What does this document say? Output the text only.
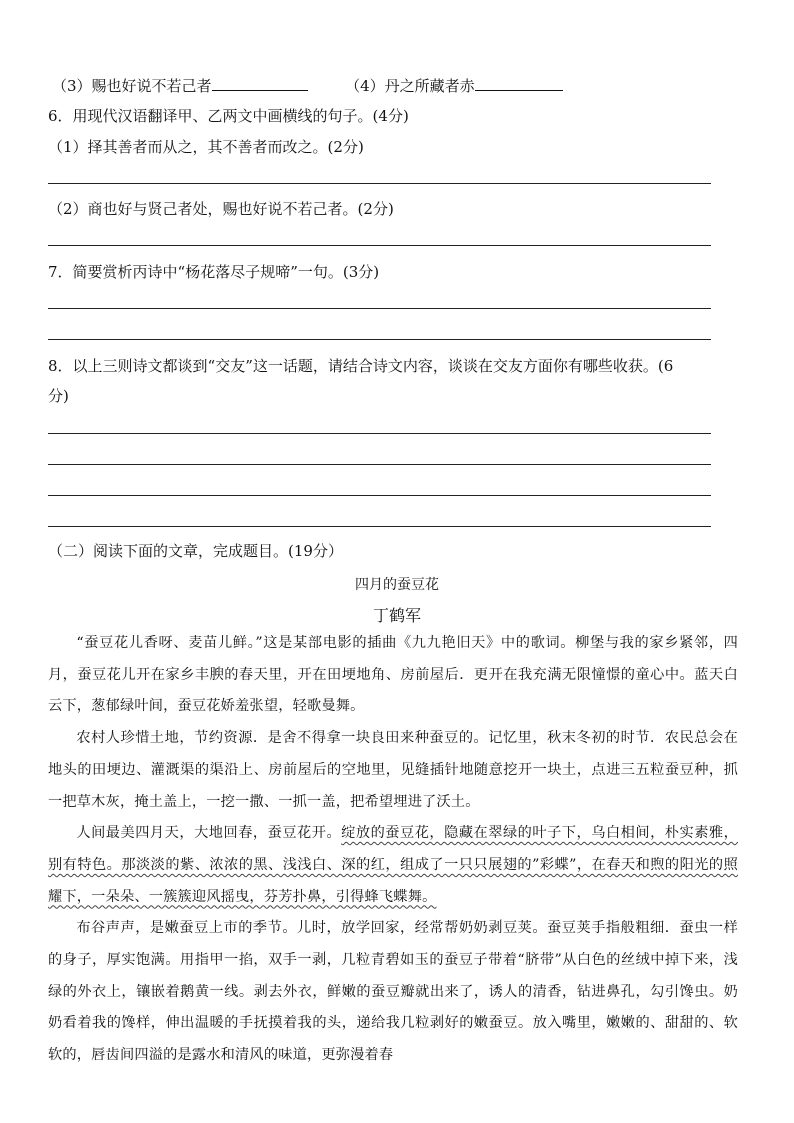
（3）赐也好说不若己者	（4）丹之所藏者赤
6．用现代汉语翻译甲、乙两文中画横线的句子。(4分)
（1）择其善者而从之，其不善者而改之。(2分)
（2）商也好与贤己者处，赐也好说不若己者。(2分)
7．简要赏析丙诗中“杨花落尽子规啼”一句。(3分)
8．以上三则诗文都谈到“交友”这一话题，请结合诗文内容，谈谈在交友方面你有哪些收获。(6
分)
（二）阅读下面的文章，完成题目。(19分）
四月的蚕豆花
丁鹤军

“蚕豆花儿香呀、麦苗儿鲜。”这是某部电影的插曲《九九艳旧天》中的歌词。柳堡与我的家乡紧邻，四月，蚕豆花儿开在家乡丰腴的春天里，开在田埂地角、房前屋后．更开在我充满无限憧憬的童心中。蓝天白云下，葱郁绿叶间，蚕豆花娇羞张望，轻歌曼舞。

农村人珍惜土地，节约资源．是舍不得拿一块良田来种蚕豆的。记忆里，秋末冬初的时节．农民总会在地头的田埂边、灌溉渠的渠沿上、房前屋后的空地里，见缝插针地随意挖开一块土，点进三五粒蚕豆种，抓一把草木灰，掩土盖上，一挖一撒、一抓一盖，把希望埋进了沃土。

人间最美四月天，大地回春，蚕豆花开。绽放的蚕豆花，隐藏在翠绿的叶子下，乌白相间，朴实素雅，别有特色。那淡淡的紫、浓浓的黑、浅浅白、深的红，组成了一只只展翅的”彩蝶”，在春天和煦的阳光的照耀下，一朵朵、一簇簇迎风摇曳，芬芳扑鼻，引得蜂飞蝶舞。

布谷声声，是嫩蚕豆上市的季节。儿时，放学回家，经常帮奶奶剥豆荚。蚕豆荚手指般粗细．蚕虫一样的身子，厚实饱满。用指甲一掐，双手一剥，几粒青碧如玉的蚕豆子带着“脐带”从白色的丝绒中掉下来，浅绿的外衣上，镶嵌着鹅黄一线。剥去外衣，鲜嫩的蚕豆瓣就出来了，诱人的清香，钻进鼻孔，勾引馋虫。奶奶看着我的馋样，伸出温暖的手抚摸着我的头，递给我几粒剥好的嫩蚕豆。放入嘴里，嫩嫩的、甜甜的、软软的，唇齿间四溢的是露水和清风的味道，更弥漫着春
